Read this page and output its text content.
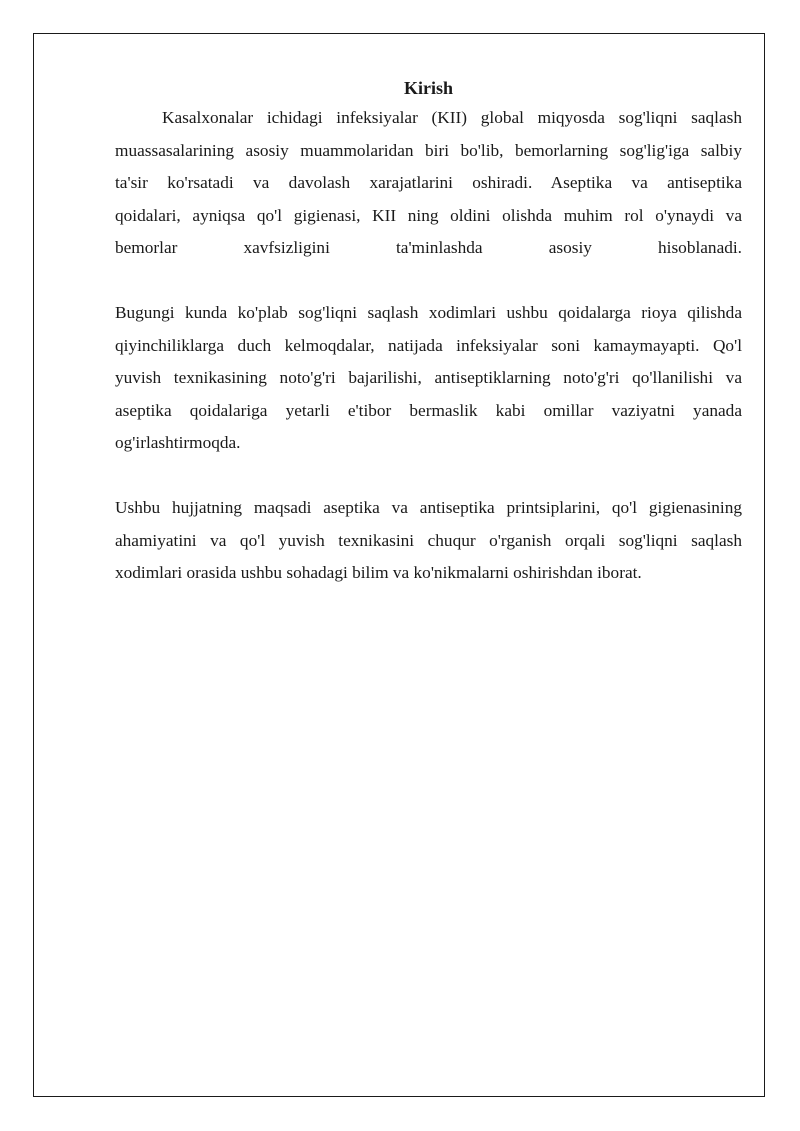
Kirish
Kasalxonalar ichidagi infeksiyalar (KII) global miqyosda sog'liqni saqlash
muassasalarining asosiy muammolaridan biri bo'lib, bemorlarning sog'lig'iga salbiy
ta'sir ko'rsatadi va davolash xarajatlarini oshiradi. Aseptika va antiseptika
qoidalari, ayniqsa qo'l gigienasi, KII ning oldini olishda muhim rol o'ynaydi va
bemorlar xavfsizligini ta'minlashda asosiy hisoblanadi.
Bugungi kunda ko'plab sog'liqni saqlash xodimlari ushbu qoidalarga rioya qilishda
qiyinchiliklarga duch kelmoqdalar, natijada infeksiyalar soni kamaymayapti. Qo'l
yuvish texnikasining noto'g'ri bajarilishi, antiseptiklarning noto'g'ri qo'llanilishi va
aseptika qoidalariga yetarli e'tibor bermaslik kabi omillar vaziyatni yanada
og'irlashtirmoqda.
Ushbu hujjatning maqsadi aseptika va antiseptika printsiplarini, qo'l gigienasining
ahamiyatini va qo'l yuvish texnikasini chuqur o'rganish orqali sog'liqni saqlash
xodimlari orasida ushbu sohadagi bilim va ko'nikmalarni oshirishdan iborat.
